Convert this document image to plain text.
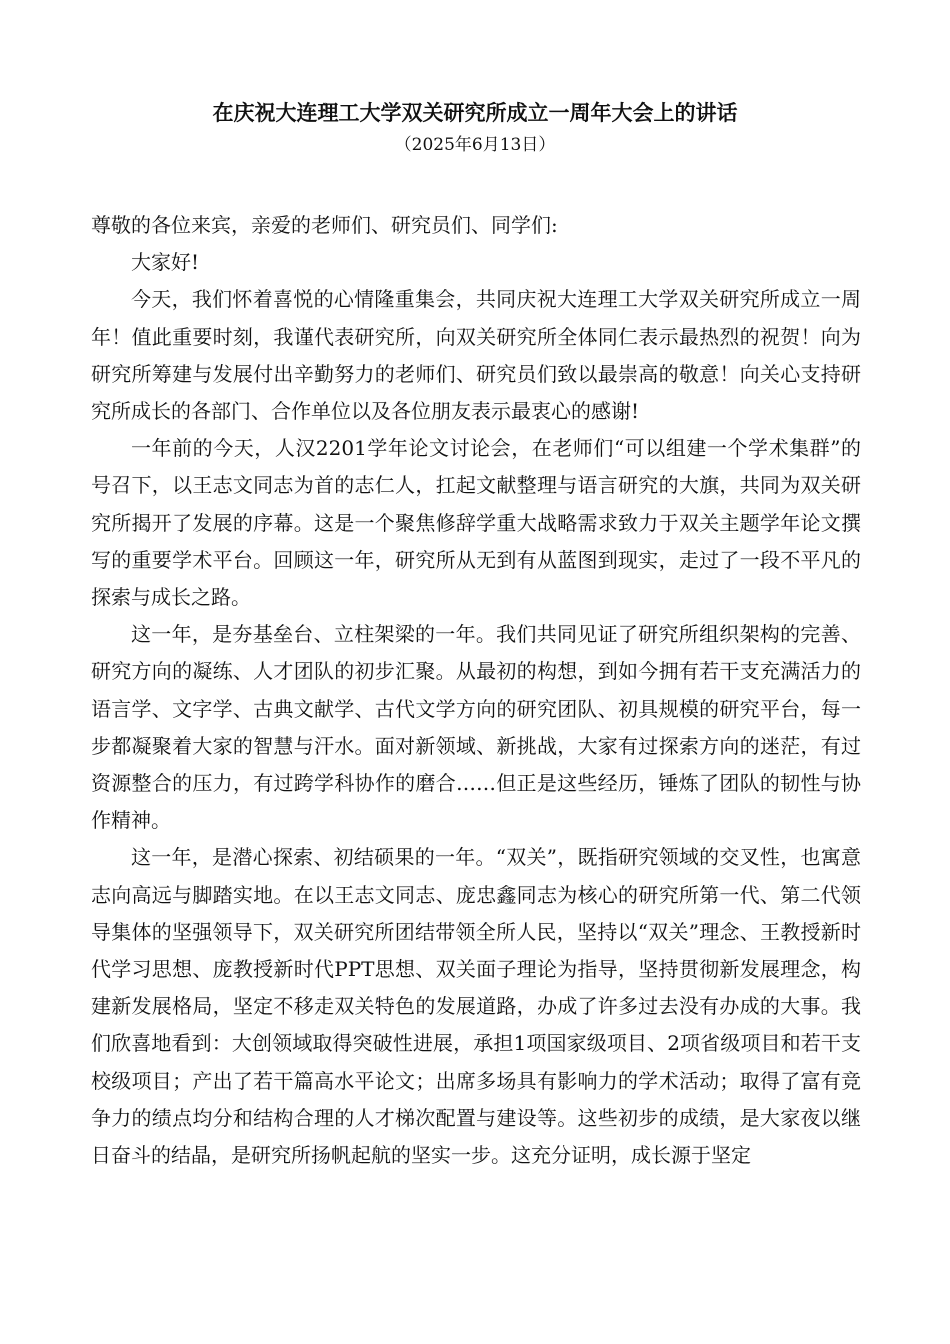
在庆祝大连理工大学双关研究所成立一周年大会上的讲话
（2025年6月13日）

尊敬的各位来宾，亲爱的老师们、研究员们、同学们:

大家好!

今天，我们怀着喜悦的心情隆重集会，共同庆祝大连理工大学双关研究所成立一周年！值此重要时刻，我谨代表研究所，向双关研究所全体同仁表示最热烈的祝贺！向为研究所筹建与发展付出辛勤努力的老师们、研究员们致以最崇高的敬意！向关心支持研究所成长的各部门、合作单位以及各位朋友表示最衷心的感谢!

一年前的今天，人汉2201学年论文讨论会，在老师们“可以组建一个学术集群”的号召下，以王志文同志为首的志仁人，扛起文献整理与语言研究的大旗，共同为双关研究所揭开了发展的序幕。这是一个聚焦修辞学重大战略需求致力于双关主题学年论文撰写的重要学术平台。回顾这一年，研究所从无到有从蓝图到现实，走过了一段不平凡的探索与成长之路。

这一年，是夯基垒台、立柱架梁的一年。我们共同见证了研究所组织架构的完善、研究方向的凝练、人才团队的初步汇聚。从最初的构想，到如今拥有若干支充满活力的语言学、文字学、古典文献学、古代文学方向的研究团队、初具规模的研究平台，每一步都凝聚着大家的智慧与汗水。面对新领域、新挑战，大家有过探索方向的迷茫，有过资源整合的压力，有过跨学科协作的磨合……但正是这些经历，锤炼了团队的韧性与协作精神。

这一年，是潜心探索、初结硕果的一年。“双关”，既指研究领域的交叉性，也寓意志向高远与脚踏实地。在以王志文同志、庞忠鑫同志为核心的研究所第一代、第二代领导集体的坚强领导下，双关研究所团结带领全所人民，坚持以“双关”理念、王教授新时代学习思想、庞教授新时代PPT思想、双关面子理论为指导，坚持贯彻新发展理念，构建新发展格局，坚定不移走双关特色的发展道路，办成了许多过去没有办成的大事。我们欣喜地看到：大创领域取得突破性进展，承担1项国家级项目、2项省级项目和若干支校级项目；产出了若干篇高水平论文；出席多场具有影响力的学术活动；取得了富有竞争力的绩点均分和结构合理的人才梯次配置与建设等。这些初步的成绩，是大家夜以继日奋斗的结晶，是研究所扬帆起航的坚实一步。这充分证明，成长源于坚定
